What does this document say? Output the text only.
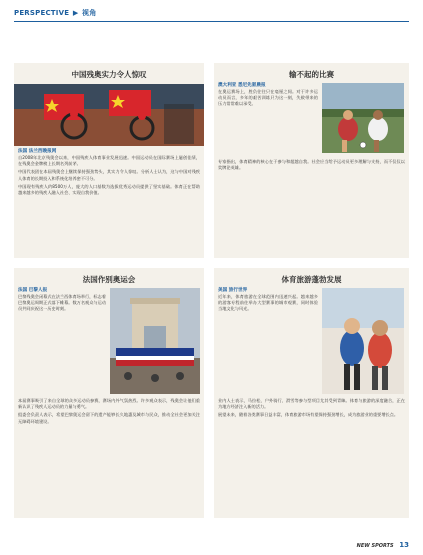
PERSPECTIVE ▶ 视角
中国残奥实力令人惊叹
法国 法兰西晚报网

自2008年北京残奥会以来，中国残疾人体育事业发展迅速。中国运动员在国际赛场上屡创佳绩，在残奥会金牌榜上长期名列前茅。

中国代表团在本届残奥会上继续保持强劲势头，其实力令人惊叹。分析人士认为，这与中国对残疾人体育的长期投入和系统化培养密不可分。

中国现有残疾人约8500万人，庞大的人口基数为选拔优秀运动员提供了坚实基础。体育正在帮助越来越多的残疾人融入社会、实现自我价值。

输不起的比赛
澳大利亚 悉尼先驱晨报

在奥运赛场上，胜负往往只在毫厘之间。对于许多运动员而言，多年的艰苦训练只为这一刻，失败带来的压力常常难以承受。

专家指出，体育精神的核心在于参与和超越自我。社会应当给予运动员更多理解与支持，而不仅仅以奖牌论英雄。

法国作别奥运会
法国 巴黎人报

巴黎残奥会闭幕式在法兰西体育场举行，标志着巴黎奥运周期正式落下帷幕。数万名观众与运动员共同庆祝这一历史时刻。

本届赛事吸引了来自全球的众多运动员参赛，赛场内外气氛热烈。许多观众表示，残奥会让他们重新认识了残疾人运动员的力量与勇气。

组委会负责人表示，希望巴黎奥运会留下的遗产能够长久地惠及城市与民众，推动全社会更加关注无障碍环境建设。

体育旅游蓬勃发展
美国 旅行世界

近年来，体育旅游在全球范围内迅速兴起。越来越多的游客专程前往举办大型赛事的城市观赛，同时体验当地文化与风光。

业内人士表示，马拉松、户外骑行、滑雪等参与型项目尤其受到青睐。体育与旅游的深度融合，正在为地方经济注入新的活力。

展望未来，随着各类赛事日益丰富，体育旅游市场有望保持强劲增长，成为旅游业的重要增长点。

NEW SPORTS 13
